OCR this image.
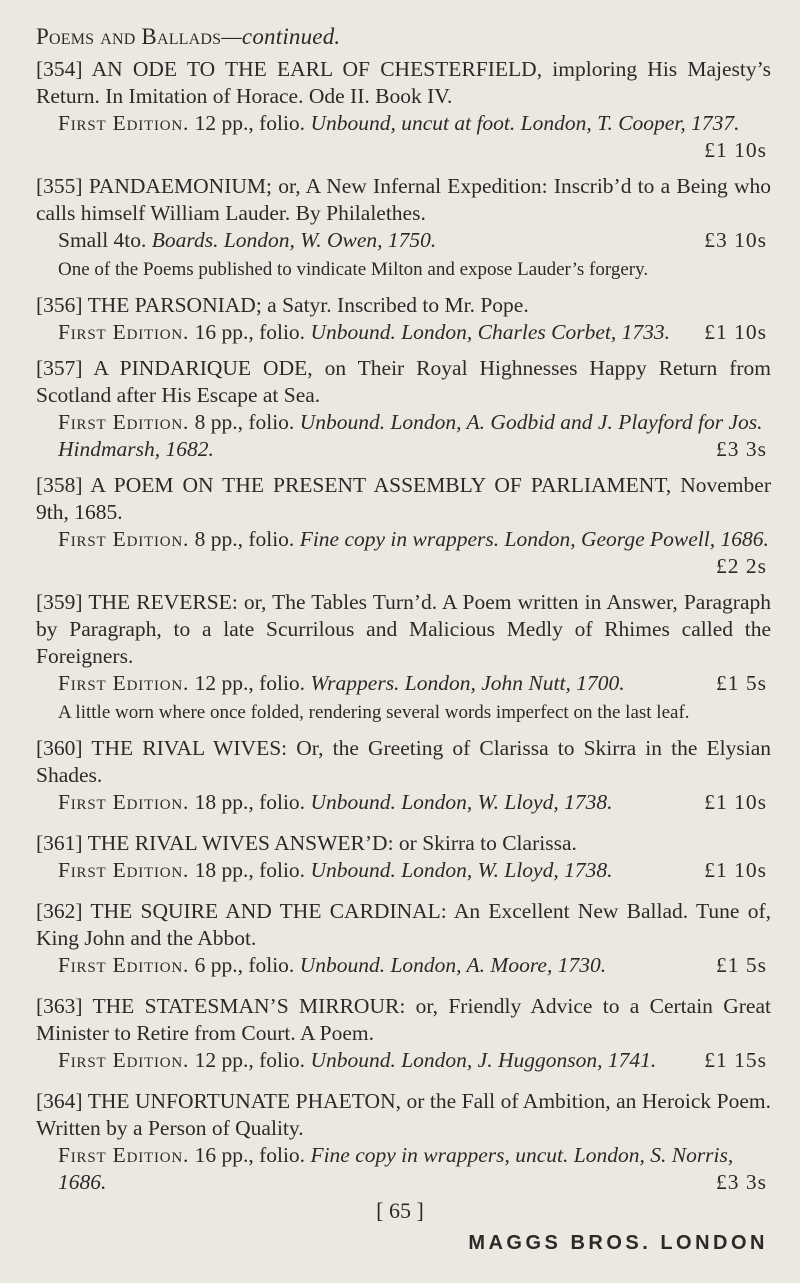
Poems and Ballads—continued.

[354] AN ODE TO THE EARL OF CHESTERFIELD, imploring His Majesty’s Return. In Imitation of Horace. Ode II. Book IV.

First Edition. 12 pp., folio. Unbound, uncut at foot. London, T. Cooper, 1737.
£1 10s

[355] PANDAEMONIUM; or, A New Infernal Expedition: Inscrib’d to a Being who calls himself William Lauder. By Philalethes.

Small 4to. Boards. London, W. Owen, 1750.	£3 10s

One of the Poems published to vindicate Milton and expose Lauder’s forgery.

[356] THE PARSONIAD; a Satyr. Inscribed to Mr. Pope.

First Edition. 16 pp., folio. Unbound. London, Charles Corbet, 1733. £1 10s

[357] A PINDARIQUE ODE, on Their Royal Highnesses Happy Return from Scotland after His Escape at Sea.

First Edition. 8 pp., folio. Unbound. London, A. Godbid and J. Playford for Jos. Hindmarsh, 1682.	£3 3s

[358] A POEM ON THE PRESENT ASSEMBLY OF PARLIAMENT, November 9th, 1685.

First Edition. 8 pp., folio. Fine copy in wrappers. London, George Powell, 1686.
£2 2s

[359] THE REVERSE: or, The Tables Turn’d. A Poem written in Answer, Paragraph by Paragraph, to a late Scurrilous and Malicious Medly of Rhimes called the Foreigners.

First Edition. 12 pp., folio. Wrappers. London, John Nutt, 1700.	£1 5s

A little worn where once folded, rendering several words imperfect on the last leaf.

[360] THE RIVAL WIVES: Or, the Greeting of Clarissa to Skirra in the Elysian Shades.

First Edition. 18 pp., folio. Unbound. London, W. Lloyd, 1738.	£1 10s

[361] THE RIVAL WIVES ANSWER’D: or Skirra to Clarissa.

First Edition. 18 pp., folio. Unbound. London, W. Lloyd, 1738.	£1 10s

[362] THE SQUIRE AND THE CARDINAL: An Excellent New Ballad. Tune of, King John and the Abbot.

First Edition. 6 pp., folio. Unbound. London, A. Moore, 1730.	£1 5s

[363] THE STATESMAN’S MIRROUR: or, Friendly Advice to a Certain Great Minister to Retire from Court. A Poem.

First Edition. 12 pp., folio. Unbound. London, J. Huggonson, 1741. £1 15s

[364] THE UNFORTUNATE PHAETON, or the Fall of Ambition, an Heroick Poem. Written by a Person of Quality.

First Edition. 16 pp., folio. Fine copy in wrappers, uncut. London, S. Norris, 1686.	£3 3s

[ 65 ]
MAGGS BROS. LONDON
